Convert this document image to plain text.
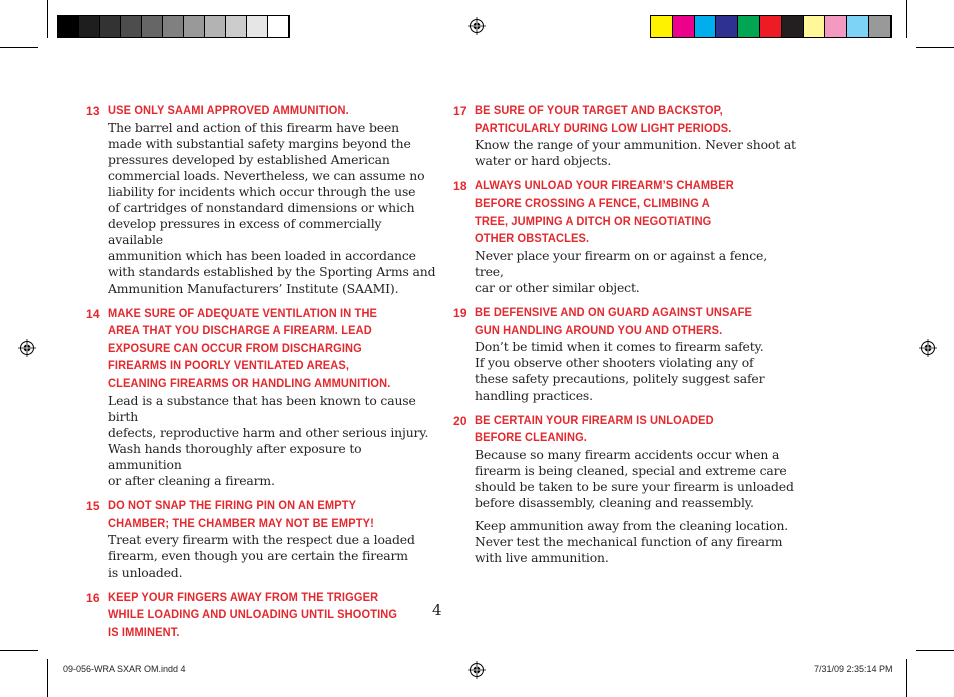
13 USE ONLY SAAMI APPROVED AMMUNITION.
The barrel and action of this firearm have been
made with substantial safety margins beyond the
pressures developed by established American
commercial loads. Nevertheless, we can assume no
liability for incidents which occur through the use
of cartridges of nonstandard dimensions or which
develop pressures in excess of commercially available
ammunition which has been loaded in accordance
with standards established by the Sporting Arms and
Ammunition Manufacturers’ Institute (SAAMI).
14 MAKE SURE OF ADEQUATE VENTILATION IN THE
AREA THAT YOU DISCHARGE A FIREARM. LEAD
EXPOSURE CAN OCCUR FROM DISCHARGING
FIREARMS IN POORLY VENTILATED AREAS,
CLEANING FIREARMS OR HANDLING AMMUNITION.
Lead is a substance that has been known to cause birth
defects, reproductive harm and other serious injury.
Wash hands thoroughly after exposure to ammunition
or after cleaning a firearm.
15 DO NOT SNAP THE FIRING PIN ON AN EMPTY
CHAMBER; THE CHAMBER MAY NOT BE EMPTY!
Treat every firearm with the respect due a loaded
firearm, even though you are certain the firearm
is unloaded.
16 KEEP YOUR FINGERS AWAY FROM THE TRIGGER
WHILE LOADING AND UNLOADING UNTIL SHOOTING
IS IMMINENT.
17 BE SURE OF YOUR TARGET AND BACKSTOP,
PARTICULARLY DURING LOW LIGHT PERIODS.
Know the range of your ammunition. Never shoot at
water or hard objects.
18 ALWAYS UNLOAD YOUR FIREARM’S CHAMBER
BEFORE CROSSING A FENCE, CLIMBING A
TREE, JUMPING A DITCH OR NEGOTIATING
OTHER OBSTACLES.
Never place your firearm on or against a fence, tree,
car or other similar object.
19 BE DEFENSIVE AND ON GUARD AGAINST UNSAFE
GUN HANDLING AROUND YOU AND OTHERS.
Don’t be timid when it comes to firearm safety.
If you observe other shooters violating any of
these safety precautions, politely suggest safer
handling practices.
20 BE CERTAIN YOUR FIREARM IS UNLOADED
BEFORE CLEANING.
Because so many firearm accidents occur when a
firearm is being cleaned, special and extreme care
should be taken to be sure your firearm is unloaded
before disassembly, cleaning and reassembly.
Keep ammunition away from the cleaning location.
Never test the mechanical function of any firearm
with live ammunition.
4
09-056-WRA SXAR OM.indd 4	7/31/09 2:35:14 PM
